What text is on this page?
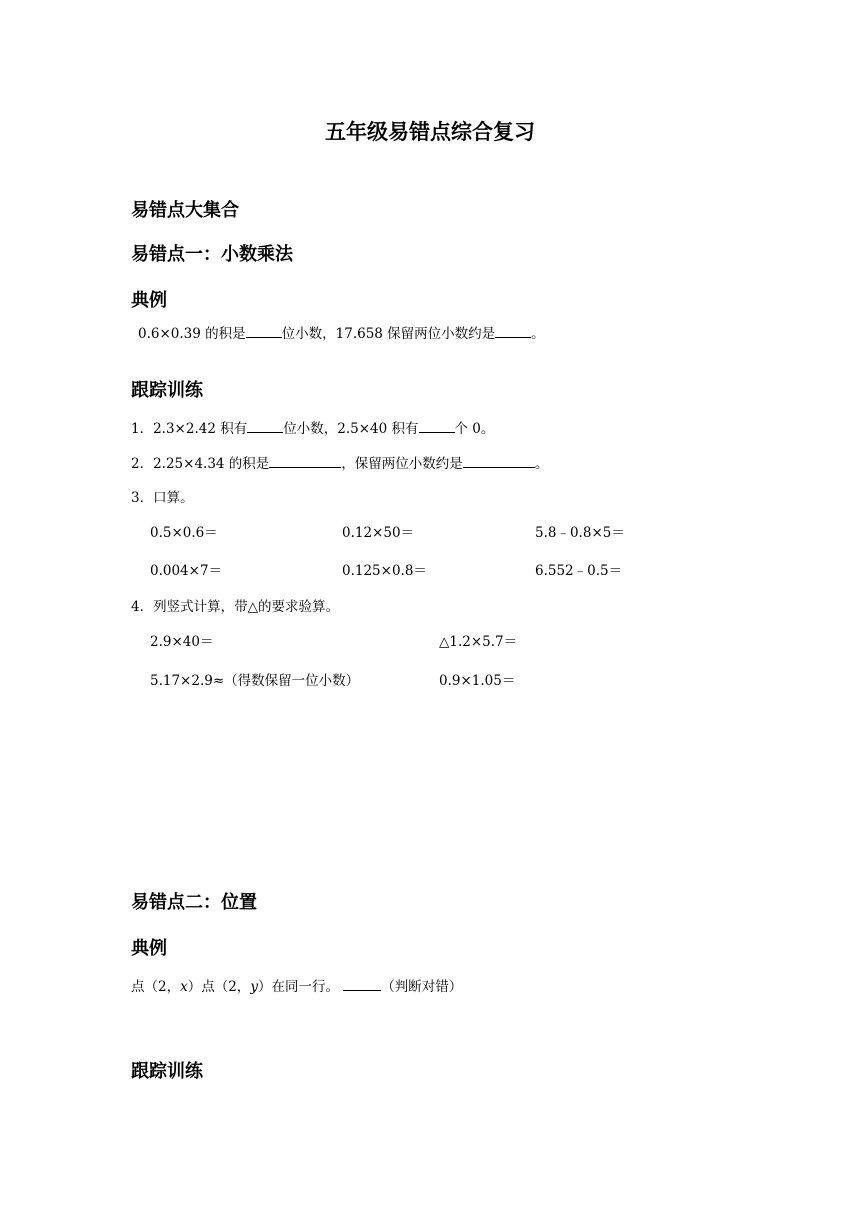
五年级易错点综合复习
易错点大集合
易错点一：小数乘法
典例
0.6×0.39 的积是	位小数，17.658 保留两位小数约是	。
跟踪训练
1．2.3×2.42 积有	位小数，2.5×40 积有	个 0。
2．2.25×4.34 的积是	，保留两位小数约是	。
3．口算。
0.5×0.6＝	0.12×50＝	5.8﹣0.8×5＝
0.004×7＝	0.125×0.8＝	6.552﹣0.5＝
4．列竖式计算，带△的要求验算。
2.9×40＝	△1.2×5.7＝
5.17×2.9≈（得数保留一位小数）	0.9×1.05＝
易错点二：位置
典例
点（2，x）点（2，y）在同一行。	（判断对错）
跟踪训练
